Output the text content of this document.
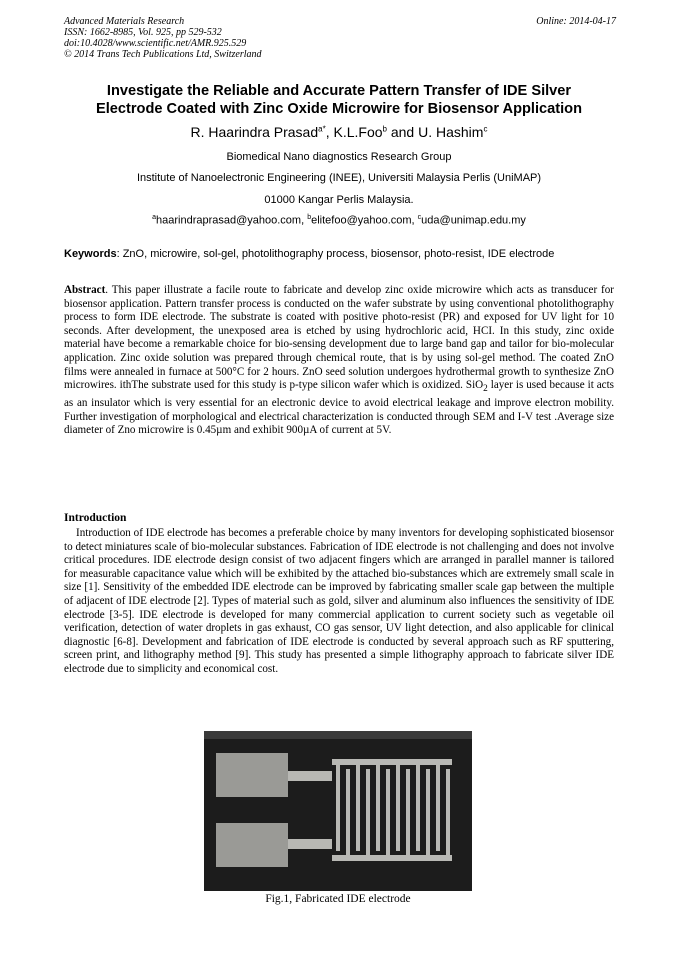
Advanced Materials Research
ISSN: 1662-8985, Vol. 925, pp 529-532
doi:10.4028/www.scientific.net/AMR.925.529
© 2014 Trans Tech Publications Ltd, Switzerland
Online: 2014-04-17
Investigate the Reliable and Accurate Pattern Transfer of IDE Silver
Electrode Coated with Zinc Oxide Microwire for Biosensor Application
R. Haarindra Prasad$^{a*}$, K.L.Foo$^b$ and U. Hashim$^c$
Biomedical Nano diagnostics Research Group
Institute of Nanoelectronic Engineering (INEE), Universiti Malaysia Perlis (UniMAP)
01000 Kangar Perlis Malaysia.
$^a$haarindraprasad@yahoo.com, $^b$elitefoo@yahoo.com, $^c$uda@unimap.edu.my
Keywords: ZnO, microwire, sol-gel, photolithography process, biosensor, photo-resist, IDE electrode
Abstract. This paper illustrate a facile route to fabricate and develop zinc oxide microwire which acts as transducer for biosensor application. Pattern transfer process is conducted on the wafer substrate by using conventional photolithography process to form IDE electrode. The substrate is coated with positive photo-resist (PR) and exposed for UV light for 10 seconds. After development, the unexposed area is etched by using hydrochloric acid, HCI. In this study, zinc oxide material have become a remarkable choice for bio-sensing development due to large band gap and tailor for bio-molecular application. Zinc oxide solution was prepared through chemical route, that is by using sol-gel method. The coated ZnO films were annealed in furnace at 500°C for 2 hours. ZnO seed solution undergoes hydrothermal growth to synthesize ZnO microwires. ithThe substrate used for this study is p-type silicon wafer which is oxidized. SiO$_2$ layer is used because it acts as an insulator which is very essential for an electronic device to avoid electrical leakage and improve electron mobility. Further investigation of morphological and electrical characterization is conducted through SEM and I-V test .Average size diameter of Zno microwire is 0.45µm and exhibit 900µA of current at 5V.
Introduction
Introduction of IDE electrode has becomes a preferable choice by many inventors for developing sophisticated biosensor to detect miniatures scale of bio-molecular substances. Fabrication of IDE electrode is not challenging and does not involve critical procedures. IDE electrode design consist of two adjacent fingers which are arranged in parallel manner is tailored for measurable capacitance value which will be exhibited by the attached bio-substances which are extremely small scale in size [1]. Sensitivity of the embedded IDE electrode can be improved by fabricating smaller scale gap between the multiple of adjacent of IDE electrode [2]. Types of material such as gold, silver and aluminum also influences the sensitivity of IDE electrode [3-5]. IDE electrode is developed for many commercial application to current society such as vegetable oil verification, detection of water droplets in gas exhaust, CO gas sensor, UV light detection, and also applicable for clinical diagnostic [6-8]. Development and fabrication of IDE electrode is conducted by several approach such as RF sputtering, screen print, and lithography method [9]. This study has presented a simple lithography approach to fabricate silver IDE electrode due to simplicity and economical cost.
Fig.1, Fabricated IDE electrode
